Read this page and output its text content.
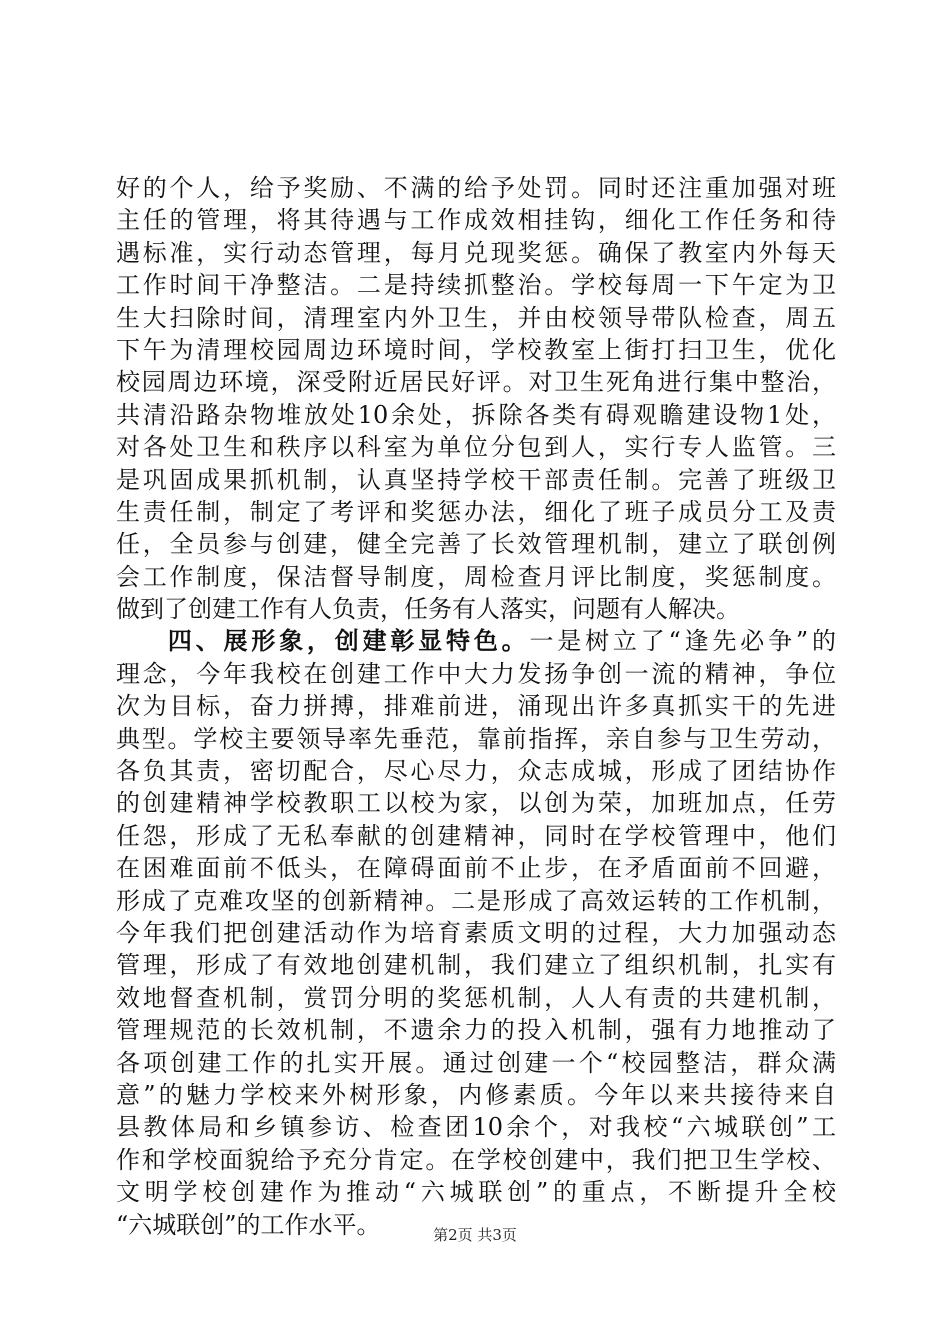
好的个人，给予奖励、不满的给予处罚。同时还注重加强对班
主任的管理，将其待遇与工作成效相挂钩，细化工作任务和待
遇标准，实行动态管理，每月兑现奖惩。确保了教室内外每天
工作时间干净整洁。二是持续抓整治。学校每周一下午定为卫
生大扫除时间，清理室内外卫生，并由校领导带队检查，周五
下午为清理校园周边环境时间，学校教室上街打扫卫生，优化
校园周边环境，深受附近居民好评。对卫生死角进行集中整治，
共清沿路杂物堆放处10余处，拆除各类有碍观瞻建设物1处，
对各处卫生和秩序以科室为单位分包到人，实行专人监管。三
是巩固成果抓机制，认真坚持学校干部责任制。完善了班级卫
生责任制，制定了考评和奖惩办法，细化了班子成员分工及责
任，全员参与创建，健全完善了长效管理机制，建立了联创例
会工作制度，保洁督导制度，周检查月评比制度，奖惩制度。
做到了创建工作有人负责，任务有人落实，问题有人解决。
四、展形象，创建彰显特色。一是树立了“逢先必争”的
理念，今年我校在创建工作中大力发扬争创一流的精神，争位
次为目标，奋力拼搏，排难前进，涌现出许多真抓实干的先进
典型。学校主要领导率先垂范，靠前指挥，亲自参与卫生劳动，
各负其责，密切配合，尽心尽力，众志成城，形成了团结协作
的创建精神学校教职工以校为家，以创为荣，加班加点，任劳
任怨，形成了无私奉献的创建精神，同时在学校管理中，他们
在困难面前不低头，在障碍面前不止步，在矛盾面前不回避，
形成了克难攻坚的创新精神。二是形成了高效运转的工作机制，
今年我们把创建活动作为培育素质文明的过程，大力加强动态
管理，形成了有效地创建机制，我们建立了组织机制，扎实有
效地督查机制，赏罚分明的奖惩机制，人人有责的共建机制，
管理规范的长效机制，不遗余力的投入机制，强有力地推动了
各项创建工作的扎实开展。通过创建一个“校园整洁，群众满
意”的魅力学校来外树形象，内修素质。今年以来共接待来自
县教体局和乡镇参访、检查团10余个，对我校“六城联创”工
作和学校面貌给予充分肯定。在学校创建中，我们把卫生学校、
文明学校创建作为推动“六城联创”的重点，不断提升全校
“六城联创”的工作水平。	第2页 共3页
